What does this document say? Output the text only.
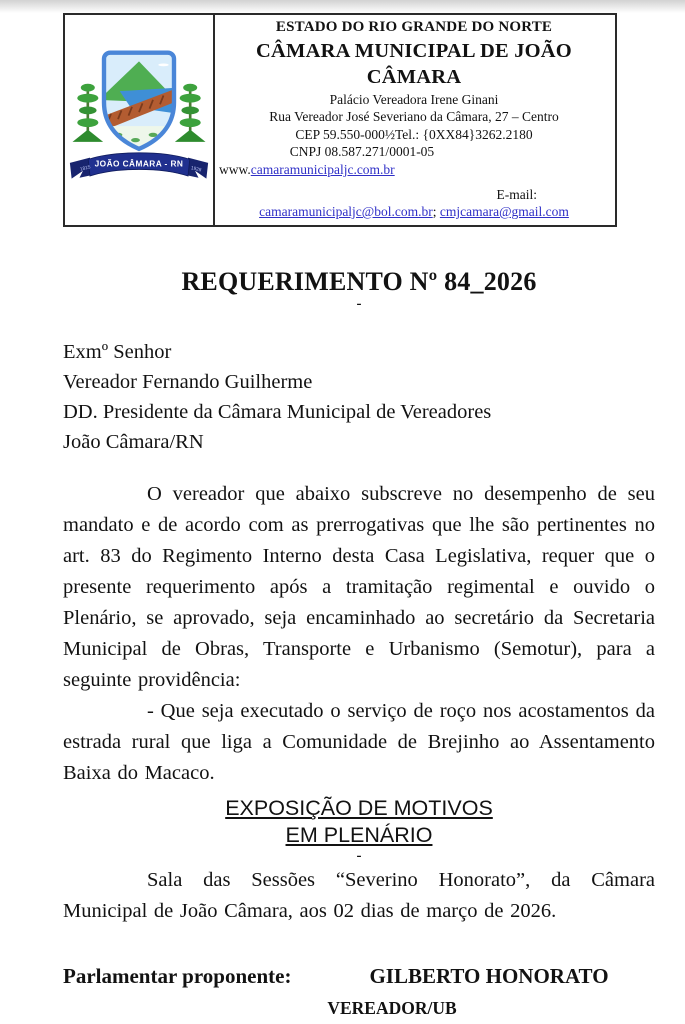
JOÃO CÂMARA - RN
1815	1928
ESTADO DO RIO GRANDE DO NORTE
CÂMARA MUNICIPAL DE JOÃO CÂMARA
Palácio Vereadora Irene Ginani
Rua Vereador José Severiano da Câmara, 27 – Centro
CEP 59.550-000½Tel.: {0XX84}3262.2180
CNPJ 08.587.271/0001-05
www.camaramunicipaljc.com.br
E-mail:
camaramunicipaljc@bol.com.br; cmjcamara@gmail.com
REQUERIMENTO Nº 84_2026
-
Exmº Senhor
Vereador Fernando Guilherme
DD. Presidente da Câmara Municipal de Vereadores
João Câmara/RN

O vereador que abaixo subscreve no desempenho de seu mandato e de acordo com as prerrogativas que lhe são pertinentes no art. 83 do Regimento Interno desta Casa Legislativa, requer que o presente requerimento após a tramitação regimental e ouvido o Plenário, se aprovado, seja encaminhado ao secretário da Secretaria Municipal de Obras, Transporte e Urbanismo (Semotur), para a seguinte providência:

- Que seja executado o serviço de roço nos acostamentos da estrada rural que liga a Comunidade de Brejinho ao Assentamento Baixa do Macaco.

EXPOSIÇÃO DE MOTIVOS
EM PLENÁRIO
-

Sala das Sessões “Severino Honorato”, da Câmara Municipal de João Câmara, aos 02 dias de março de 2026.

Parlamentar proponente:	GILBERTO HONORATO
VEREADOR/UB
